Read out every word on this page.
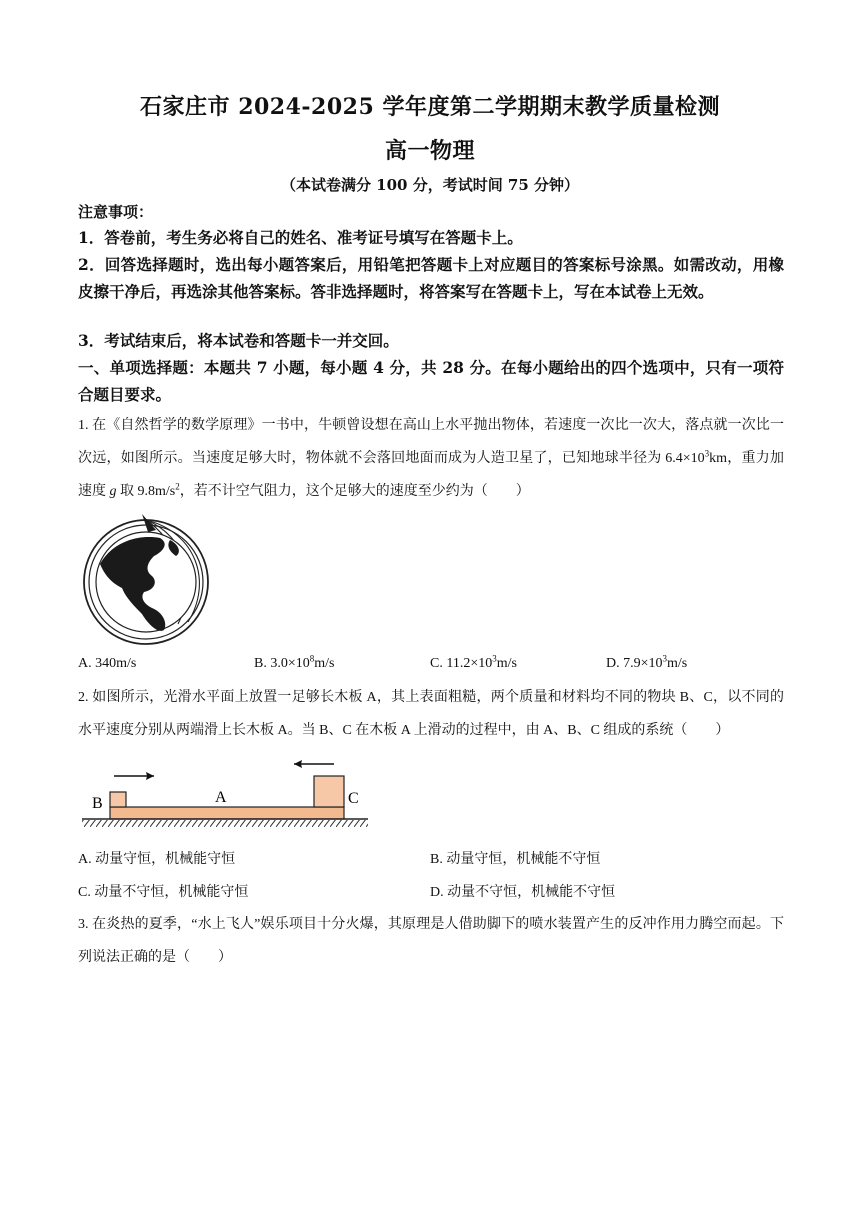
石家庄市 2024-2025 学年度第二学期期末教学质量检测
高一物理
（本试卷满分 100 分，考试时间 75 分钟）
注意事项：
1．答卷前，考生务必将自己的姓名、准考证号填写在答题卡上。
2．回答选择题时，选出每小题答案后，用铅笔把答题卡上对应题目的答案标号涂黑。如需改动，用橡皮擦干净后，再选涂其他答案标。答非选择题时，将答案写在答题卡上，写在本试卷上无效。
3．考试结束后，将本试卷和答题卡一并交回。
一、单项选择题：本题共 7 小题，每小题 4 分，共 28 分。在每小题给出的四个选项中，只有一项符合题目要求。
1. 在《自然哲学的数学原理》一书中，牛顿曾设想在高山上水平抛出物体，若速度一次比一次大，落点就一次比一次远，如图所示。当速度足够大时，物体就不会落回地面而成为人造卫星了，已知地球半径为 $6.4\times 10^3km$，重力加速度 g 取 $9.8m/s^2$，若不计空气阻力，这个足够大的速度至少约为（　　）
A. 340m/s	B. $3.0\times 10^8m/s$	C. $11.2\times 10^3m/s$	D. $7.9\times 10^3m/s$
2. 如图所示，光滑水平面上放置一足够长木板 A，其上表面粗糙，两个质量和材料均不同的物块 B、C，以不同的水平速度分别从两端滑上长木板 A。当 B、C 在木板 A 上滑动的过程中，由 A、B、C 组成的系统（　　）
B	A	C
A. 动量守恒，机械能守恒	B. 动量守恒，机械能不守恒
C. 动量不守恒，机械能守恒	D. 动量不守恒，机械能不守恒
3. 在炎热的夏季，“水上飞人”娱乐项目十分火爆，其原理是人借助脚下的喷水装置产生的反冲作用力腾空而起。下列说法正确的是（　　）
